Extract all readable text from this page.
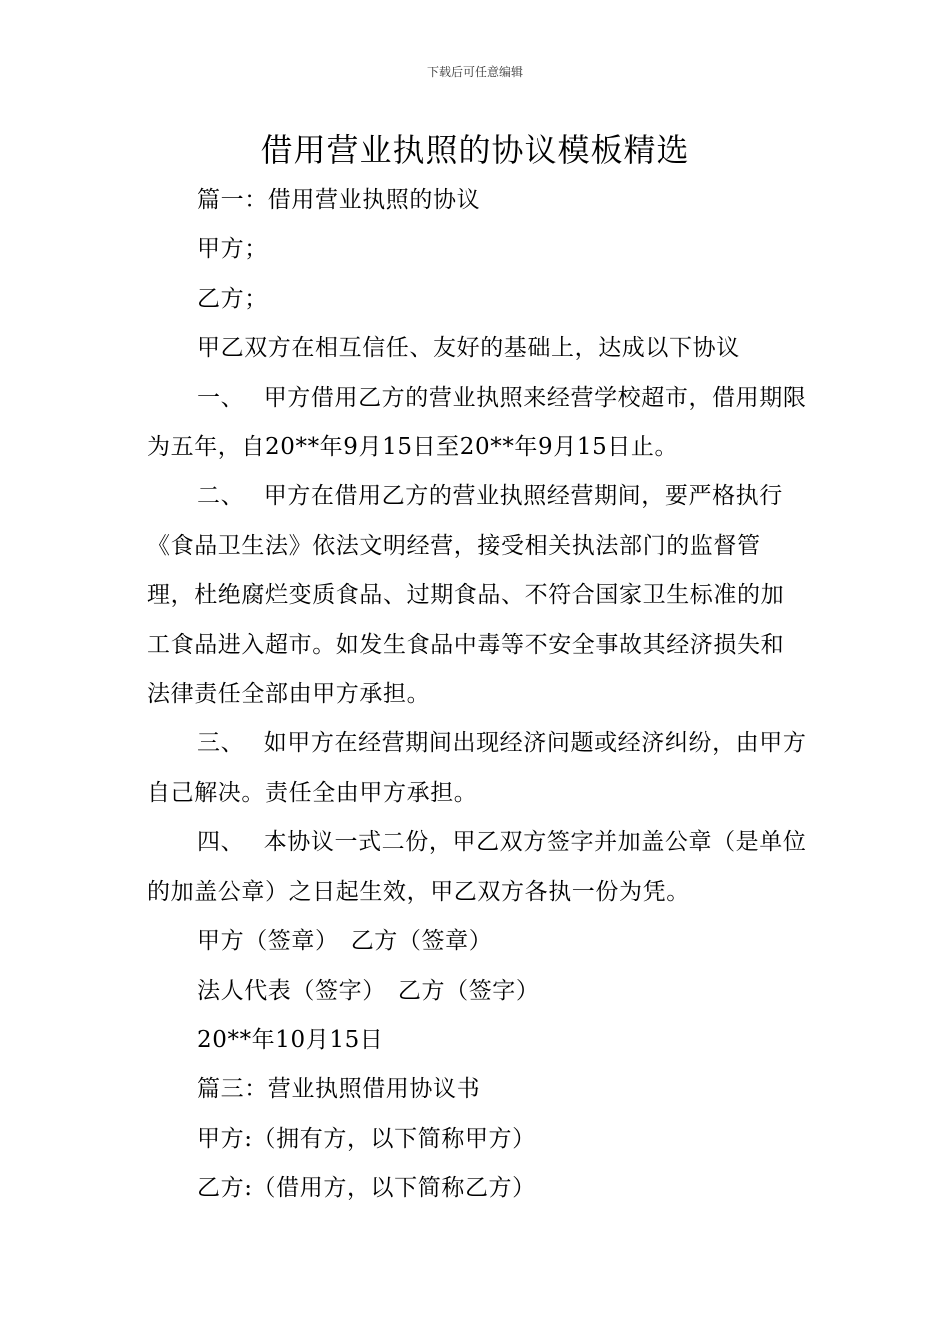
下载后可任意编辑
借用营业执照的协议模板精选

篇一：借用营业执照的协议

甲方；

乙方；

甲乙双方在相互信任、友好的基础上，达成以下协议

一、 甲方借用乙方的营业执照来经营学校超市，借用期限为五年，自20**年9月15日至20**年9月15日止。

二、 甲方在借用乙方的营业执照经营期间，要严格执行《食品卫生法》依法文明经营，接受相关执法部门的监督管理，杜绝腐烂变质食品、过期食品、不符合国家卫生标准的加工食品进入超市。如发生食品中毒等不安全事故其经济损失和法律责任全部由甲方承担。

三、 如甲方在经营期间出现经济问题或经济纠纷，由甲方自己解决。责任全由甲方承担。

四、 本协议一式二份，甲乙双方签字并加盖公章（是单位的加盖公章）之日起生效，甲乙双方各执一份为凭。

甲方（签章）　乙方（签章）

法人代表（签字）　乙方（签字）

20**年10月15日

篇三：营业执照借用协议书

甲方:（拥有方，以下简称甲方）

乙方:（借用方，以下简称乙方）
